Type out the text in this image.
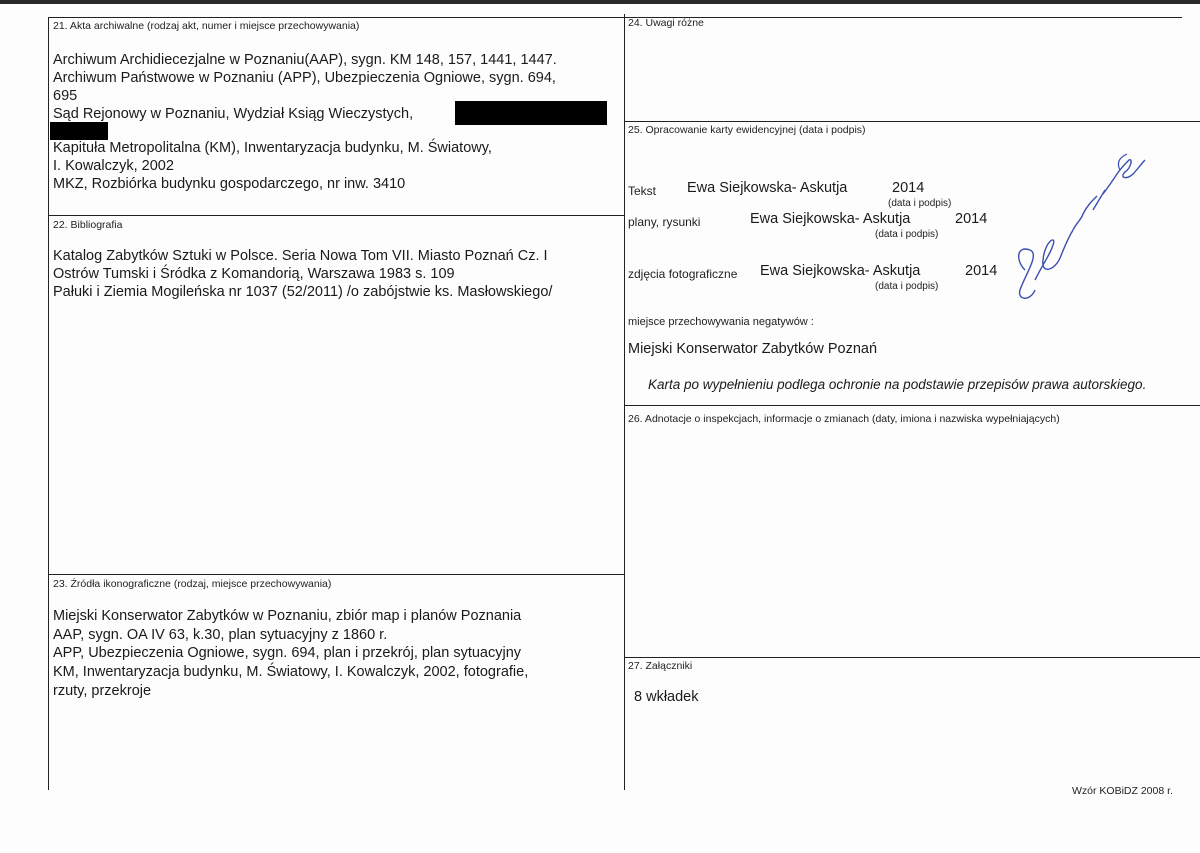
21. Akta archiwalne (rodzaj akt, numer i miejsce przechowywania)
Archiwum Archidiecezjalne w Poznaniu(AAP), sygn. KM 148, 157, 1441, 1447.
Archiwum Państwowe w Poznaniu (APP), Ubezpieczenia Ogniowe, sygn. 694,
695
Sąd Rejonowy w Poznaniu, Wydział Ksiąg Wieczystych,
Kapituła Metropolitalna (KM), Inwentaryzacja budynku, M. Światowy,
I. Kowalczyk, 2002
MKZ, Rozbiórka budynku gospodarczego, nr inw. 3410
22. Bibliografia
Katalog Zabytków Sztuki w Polsce. Seria Nowa Tom VII. Miasto Poznań Cz. I
Ostrów Tumski i Śródka z Komandorią, Warszawa 1983 s. 109
Pałuki i Ziemia Mogileńska nr 1037 (52/2011) /o zabójstwie ks. Masłowskiego/
23. Źródła ikonograficzne (rodzaj, miejsce przechowywania)
Miejski Konserwator Zabytków w Poznaniu, zbiór map i planów Poznania
AAP, sygn. OA IV 63, k.30, plan sytuacyjny z 1860 r.
APP, Ubezpieczenia Ogniowe, sygn. 694, plan i przekrój, plan sytuacyjny
KM, Inwentaryzacja budynku, M. Światowy, I. Kowalczyk, 2002, fotografie,
rzuty, przekroje
24. Uwagi różne
25. Opracowanie karty ewidencyjnej (data i podpis)
Tekst Ewa Siejkowska- Askutja	2014
(data i podpis)
plany, rysunki	Ewa Siejkowska- Askutja	2014
(data i podpis)
zdjęcia fotograficzne Ewa Siejkowska- Askutja	2014
(data i podpis)
miejsce przechowywania negatywów :
Miejski Konserwator Zabytków Poznań
Karta po wypełnieniu podlega ochronie na podstawie przepisów prawa autorskiego.
26. Adnotacje o inspekcjach, informacje o zmianach (daty, imiona i nazwiska wypełniających)
27. Załączniki
8 wkładek
Wzór KOBiDZ 2008 r.
